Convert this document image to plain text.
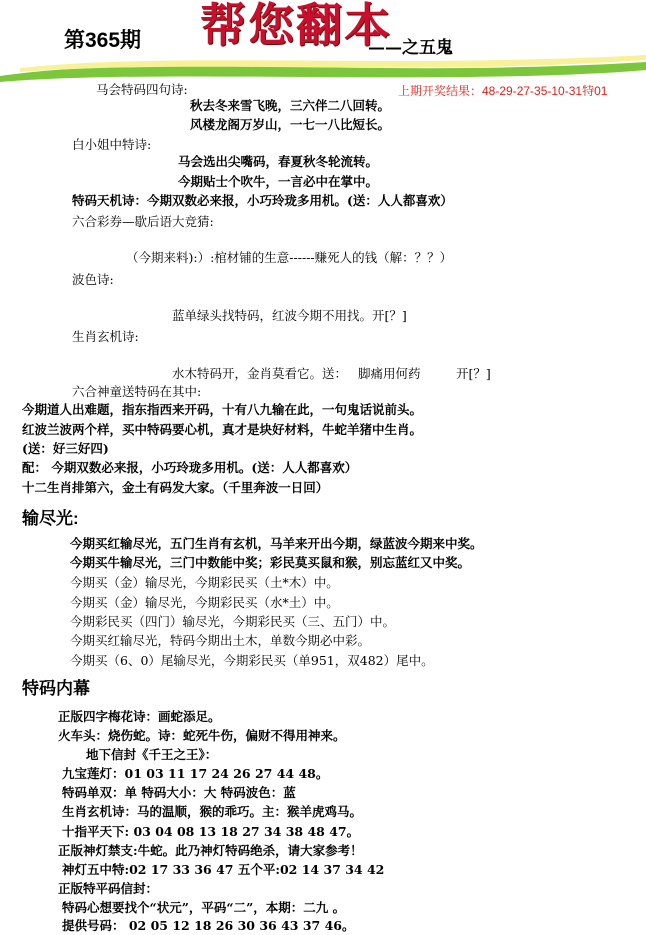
第365期 帮您翻本
——之五鬼
上期开奖结果：48-29-27-35-10-31特01
马会特码四句诗:
秋去冬来雪飞晚，三六伴二八回转。
风楼龙阁万岁山，一七一八比短长。
白小姐中特诗:
马会选出尖嘴码，春夏秋冬轮流转。
今期贴士个吹牛，一言必中在掌中。
特码天机诗：今期双数必来报，小巧玲珑多用机。(送：人人都喜欢）
六合彩券—歇后语大竞猜:
（今期来料):）:棺材铺的生意------赚死人的钱（解：？？）
波色诗:
蓝单绿头找特码，红波今期不用找。开[？]
生肖玄机诗:
水木特码开，金肖莫看它。送： 脚痛用何药	开[？]
六合神童送特码在其中:
今期道人出难题，指东指西来开码，十有八九输在此，一句鬼话说前头。
红波兰波两个样，买中特码要心机，真才是块好材料，牛蛇羊猪中生肖。
(送：好三好四)
配： 今期双数必来报，小巧玲珑多用机。(送：人人都喜欢）
十二生肖排第六，金土有码发大家。（千里奔波一日回）
输尽光:
今期买红输尽光，五门生肖有玄机，马羊来开出今期，绿蓝波今期来中奖。
今期买牛输尽光，三门中数能中奖；彩民莫买鼠和猴，别忘蓝红又中奖。
今期买（金）输尽光，今期彩民买（土*木）中。
今期买（金）输尽光，今期彩民买（水*土）中。
今期彩民买（四门）输尽光，今期彩民买（三、五门）中。
今期买红输尽光，特码今期出土木，单数今期必中彩。
今期买（6、0）尾输尽光，今期彩民买（单951，双482）尾中。
特码内幕
正版四字梅花诗：画蛇添足。
火车头：烧伤蛇。诗：蛇死牛伤，偏财不得用神来。
地下信封《千王之王》：
九宝莲灯：01 03 11 17 24 26 27 44 48。
特码单双：单 特码大小：大 特码波色：蓝
生肖玄机诗：马的温顺，猴的乖巧。主：猴羊虎鸡马。
十指平天下: 03 04 08 13 18 27 34 38 48 47。
正版神灯禁支:牛蛇。此乃神灯特码绝杀，请大家参考！
神灯五中特:02 17 33 36 47 五个平:02 14 37 34 42
正版特平码信封：
特码心想要找个“状元”，平码“二”，本期：二九 。
提供号码： 02 05 12 18 26 30 36 43 37 46。
